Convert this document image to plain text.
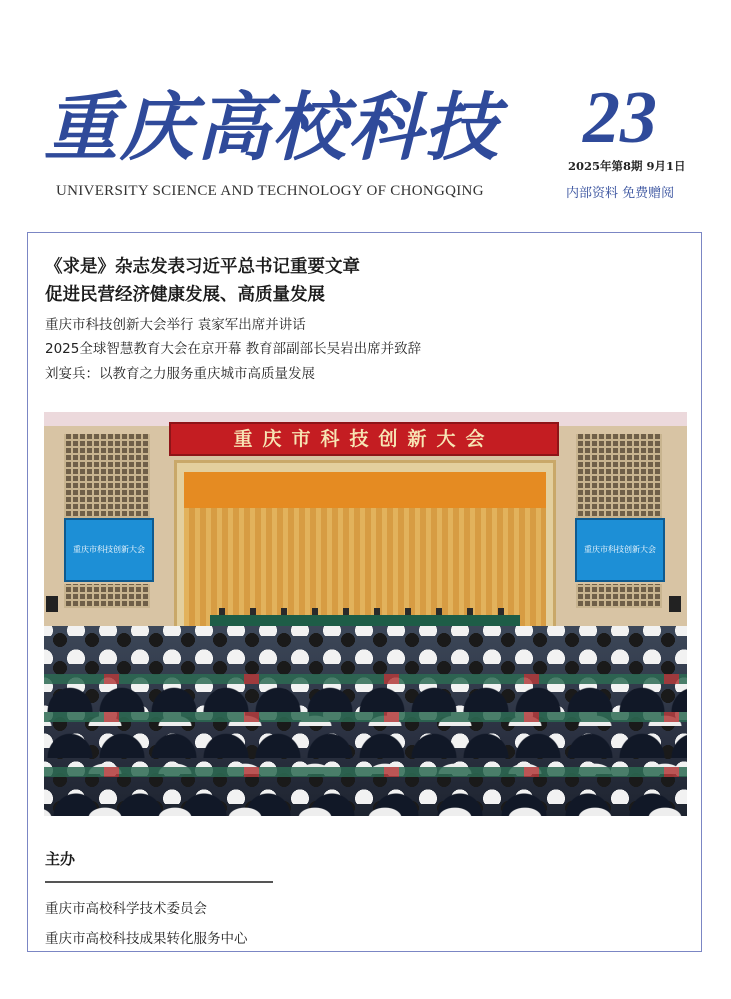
重庆高校科技
UNIVERSITY SCIENCE AND TECHNOLOGY OF CHONGQING
23
2025年第8期 9月1日
内部资料 免费赠阅
《求是》杂志发表习近平总书记重要文章
促进民营经济健康发展、高质量发展
重庆市科技创新大会举行 袁家军出席并讲话
2025全球智慧教育大会在京开幕 教育部副部长吴岩出席并致辞
刘宴兵：以教育之力服务重庆城市高质量发展
重庆市科技创新大会
重庆市科技创新大会	重庆市科技创新大会
主办
重庆市高校科学技术委员会
重庆市高校科技成果转化服务中心
